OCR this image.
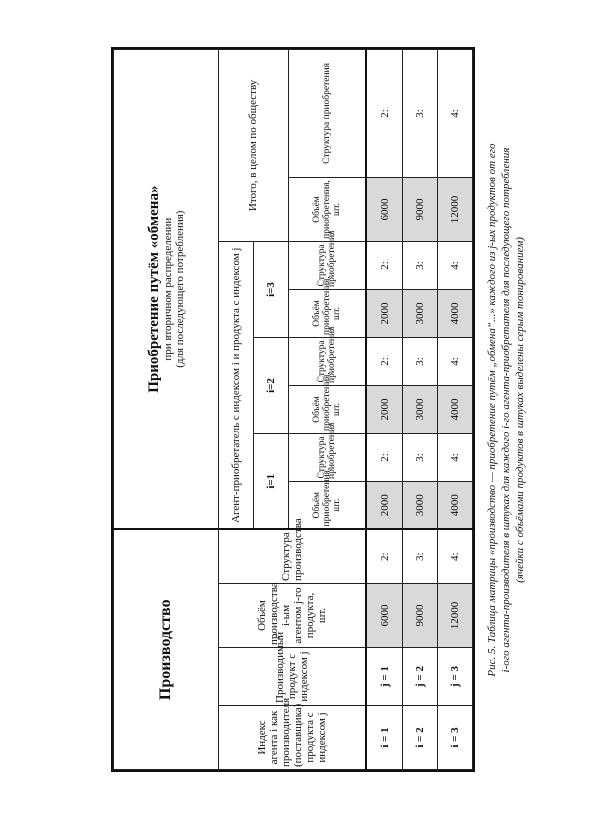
Производство				Приобретение путём «обмена» при вторичном распределении (для последующего потребления)							

Индекс агента i как производителя (поставщика) продукта с индексом j	Производимый продукт с индексом j	Объём производства i-ым агентом j-го продукта, шт.	Структура производства	Агент-приобретатель с индексом i и продукта с индексом j						Итого, в целом по обществу	
				i=1		i=2		i=3			
				Объём приобретения, шт.	Структура приобретения	Объём приобретения, шт.	Структура приобретения	Объём приобретения, шт.	Структура приобретения	Объём приобретения, шт.	Структура приобретения
i = 1	j = 1	6000	2:	2000	2:	2000	2:	2000	2:	6000	2:
i = 2	j = 2	9000	3:	3000	3:	3000	3:	3000	3:	9000	3:
i = 3	j = 3	12000	4:	4000	4:	4000	4:	4000	4:	12000	4:

Рис. 5. Таблица матрицы «производство — приобретение путём „обмена“...» каждого из j-ых продуктов от его i-ого агента-производителя в штуках для каждого i-го агента-приобретателя для последующего потребления (ячейки с объёмами продуктов в штуках выделены серым тонированием)
